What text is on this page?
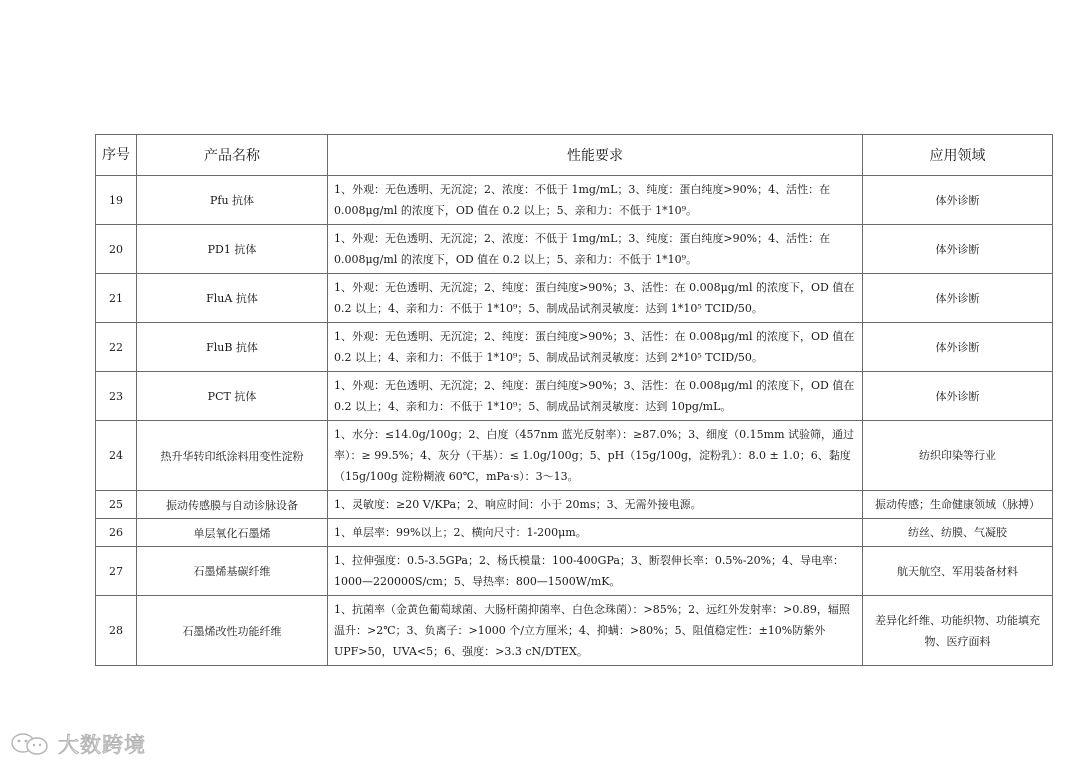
序号	产品名称	性能要求	应用领域
19	Pfu 抗体	1、外观：无色透明、无沉淀；2、浓度：不低于 1mg/mL；3、纯度：蛋白纯度>90%；4、活性：在 0.008μg/ml 的浓度下，OD 值在 0.2 以上；5、亲和力：不低于 1*10⁹。	体外诊断
20	PD1 抗体	1、外观：无色透明、无沉淀；2、浓度：不低于 1mg/mL；3、纯度：蛋白纯度>90%；4、活性：在 0.008μg/ml 的浓度下，OD 值在 0.2 以上；5、亲和力：不低于 1*10⁹。	体外诊断
21	FluA 抗体	1、外观：无色透明、无沉淀；2、纯度：蛋白纯度>90%；3、活性：在 0.008μg/ml 的浓度下，OD 值在 0.2 以上；4、亲和力：不低于 1*10⁹；5、制成品试剂灵敏度：达到 1*10⁵ TCID/50。	体外诊断
22	FluB 抗体	1、外观：无色透明、无沉淀；2、纯度：蛋白纯度>90%；3、活性：在 0.008μg/ml 的浓度下，OD 值在 0.2 以上；4、亲和力：不低于 1*10⁹；5、制成品试剂灵敏度：达到 2*10⁵ TCID/50。	体外诊断
23	PCT 抗体	1、外观：无色透明、无沉淀；2、纯度：蛋白纯度>90%；3、活性：在 0.008μg/ml 的浓度下，OD 值在 0.2 以上；4、亲和力：不低于 1*10⁹；5、制成品试剂灵敏度：达到 10pg/mL。	体外诊断
24	热升华转印纸涂料用变性淀粉	1、水分：≤14.0g/100g；2、白度（457nm 蓝光反射率）：≥87.0%；3、细度（0.15mm 试验筛，通过率）：≥ 99.5%；4、灰分（干基）：≤ 1.0g/100g；5、pH（15g/100g，淀粉乳）：8.0 ± 1.0；6、黏度（15g/100g 淀粉糊液 60℃，mPa·s）：3～13。	纺织印染等行业
25	振动传感膜与自动诊脉设备	1、灵敏度：≥20 V/KPa；2、响应时间：小于 20ms；3、无需外接电源。	振动传感；生命健康领域（脉搏）
26	单层氧化石墨烯	1、单层率：99%以上；2、横向尺寸：1-200μm。	纺丝、纺膜、气凝胶
27	石墨烯基碳纤维	1、拉伸强度：0.5-3.5GPa；2、杨氏模量：100-400GPa；3、断裂伸长率：0.5%-20%；4、导电率：1000—220000S/cm；5、导热率：800—1500W/mK。	航天航空、军用装备材料
28	石墨烯改性功能纤维	1、抗菌率（金黄色葡萄球菌、大肠杆菌抑菌率、白色念珠菌）：>85%；2、远红外发射率：>0.89，辐照温升：>2℃；3、负离子：>1000 个/立方厘米；4、抑螨：>80%；5、阻值稳定性：±10%防紫外 UPF>50，UVA<5；6、强度：>3.3 cN/DTEX。	差异化纤维、功能织物、功能填充物、医疗面料
大数跨境
